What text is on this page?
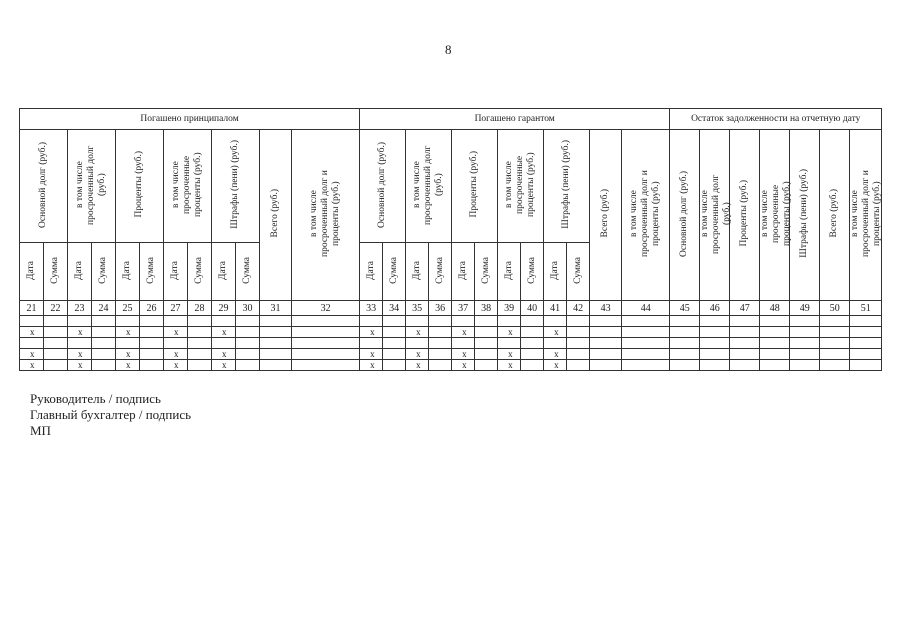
8
Погашено принципалом												Погашено гарантом												Остаток задолженности на отчетную дату						
Основной долг (руб.)		в том числе просроченный долг (руб.)		Проценты (руб.)		в том числе просроченные проценты (руб.)		Штрафы (пени) (руб.)		Всего (руб.)	в том числе просроченный долг и проценты (руб.)	Основной долг (руб.)		в том числе просроченный долг (руб.)		Проценты (руб.)		в том числе просроченные проценты (руб.)		Штрафы (пени) (руб.)		Всего (руб.)	в том числе просроченный долг и проценты (руб.)	Основной долг (руб.)	в том числе просроченный долг (руб.)	Проценты (руб.)	в том числе просроченные проценты (руб.)	Штрафы (пени) (руб.)	Всего (руб.)	в том числе просроченный долг и проценты (руб.)
Дата	Сумма	Дата	Сумма	Дата	Сумма	Дата	Сумма	Дата	Сумма			Дата	Сумма	Дата	Сумма	Дата	Сумма	Дата	Сумма	Дата	Сумма									
21	22	23	24	25	26	27	28	29	30	31	32	33	34	35	36	37	38	39	40	41	42	43	44	45	46	47	48	49	50	51

x		x		x		x		x				x		x		x		x		x										

x		x		x		x		x				x		x		x		x		x										
x		x		x		x		x				x		x		x		x		x										
Руководитель / подпись
Главный бухгалтер / подпись
МП
